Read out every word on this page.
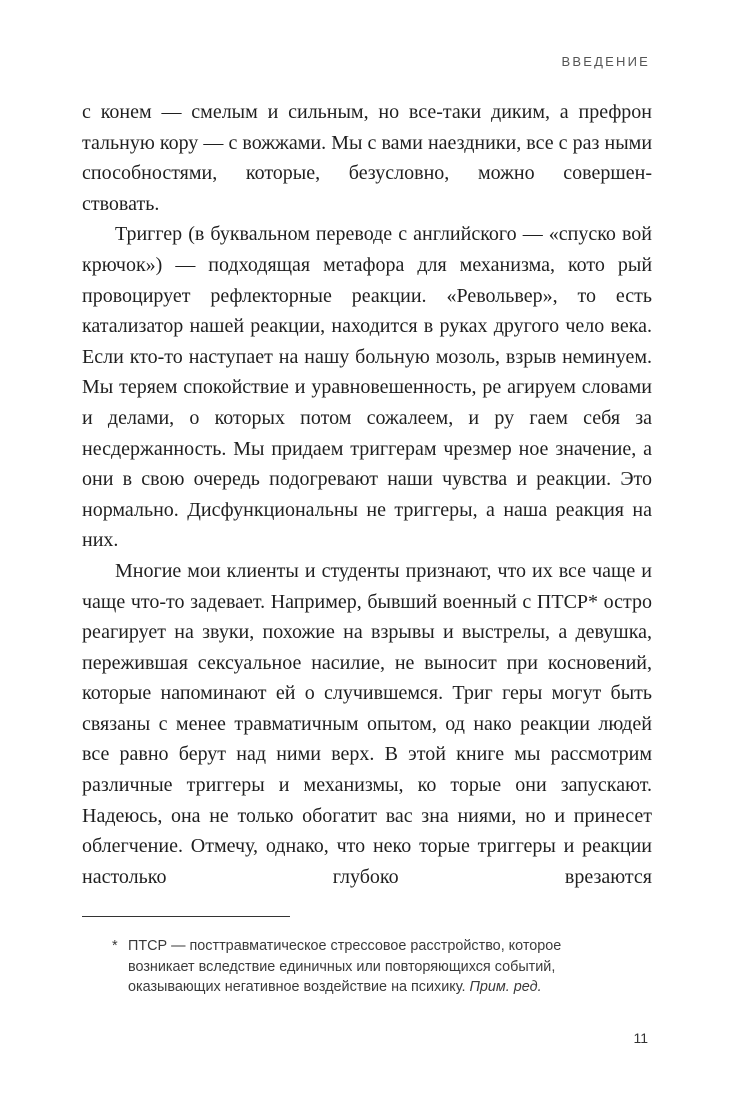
ВВЕДЕНИЕ

с конем — смелым и сильным, но все-таки диким, а префрон тальную кору — с вожжами. Мы с вами наездники, все с раз ными способностями, которые, безусловно, можно совершен-

ствовать.

Триггер (в буквальном переводе с английского — «спуско вой крючок») — подходящая метафора для механизма, кото рый провоцирует рефлекторные реакции. «Револьвер», то есть катализатор нашей реакции, находится в руках другого чело века. Если кто-то наступает на нашу больную мозоль, взрыв неминуем. Мы теряем спокойствие и уравновешенность, ре агируем словами и делами, о которых потом сожалеем, и ру гаем себя за несдержанность. Мы придаем триггерам чрезмер ное значение, а они в свою очередь подогревают наши чувства и реакции. Это нормально. Дисфункциональны не триггеры, а наша реакция на них.

Многие мои клиенты и студенты признают, что их все чаще и чаще что-то задевает. Например, бывший военный с ПТСР* остро реагирует на звуки, похожие на взрывы и выстрелы, а девушка, пережившая сексуальное насилие, не выносит при косновений, которые напоминают ей о случившемся. Триг геры могут быть связаны с менее травматичным опытом, од нако реакции людей все равно берут над ними верх. В этой книге мы рассмотрим различные триггеры и механизмы, ко торые они запускают. Надеюсь, она не только обогатит вас зна ниями, но и принесет облегчение. Отмечу, однако, что неко торые триггеры и реакции настолько глубоко врезаются

* ПТСР — посттравматическое стрессовое расстройство, которое
возникает вследствие единичных или повторяющихся событий,
оказывающих негативное воздействие на психику. Прим. ред.
11
